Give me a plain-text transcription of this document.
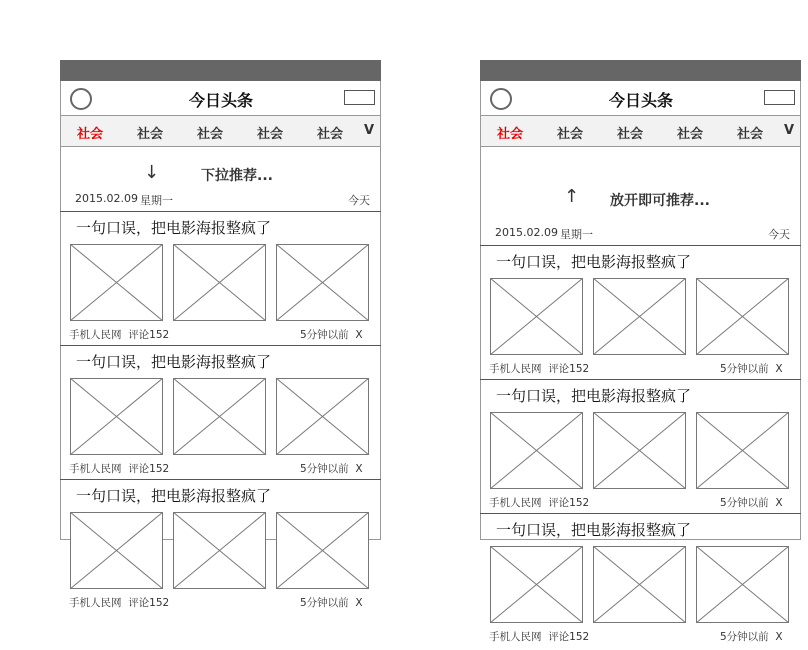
今日头条
社会	社会	社会	社会	社会 V
↓	下拉推荐...
2015.02.09 星期一	今天
一句口误，把电影海报整疯了
手机人民网 评论152	5分钟以前 X
一句口误，把电影海报整疯了
手机人民网 评论152	5分钟以前 X
一句口误，把电影海报整疯了
手机人民网 评论152	5分钟以前 X
今日头条
社会	社会	社会	社会	社会 V
↑ 放开即可推荐...
2015.02.09 星期一	今天
一句口误，把电影海报整疯了
手机人民网 评论152	5分钟以前 X
一句口误，把电影海报整疯了
手机人民网 评论152	5分钟以前 X
一句口误，把电影海报整疯了
手机人民网 评论152	5分钟以前 X
